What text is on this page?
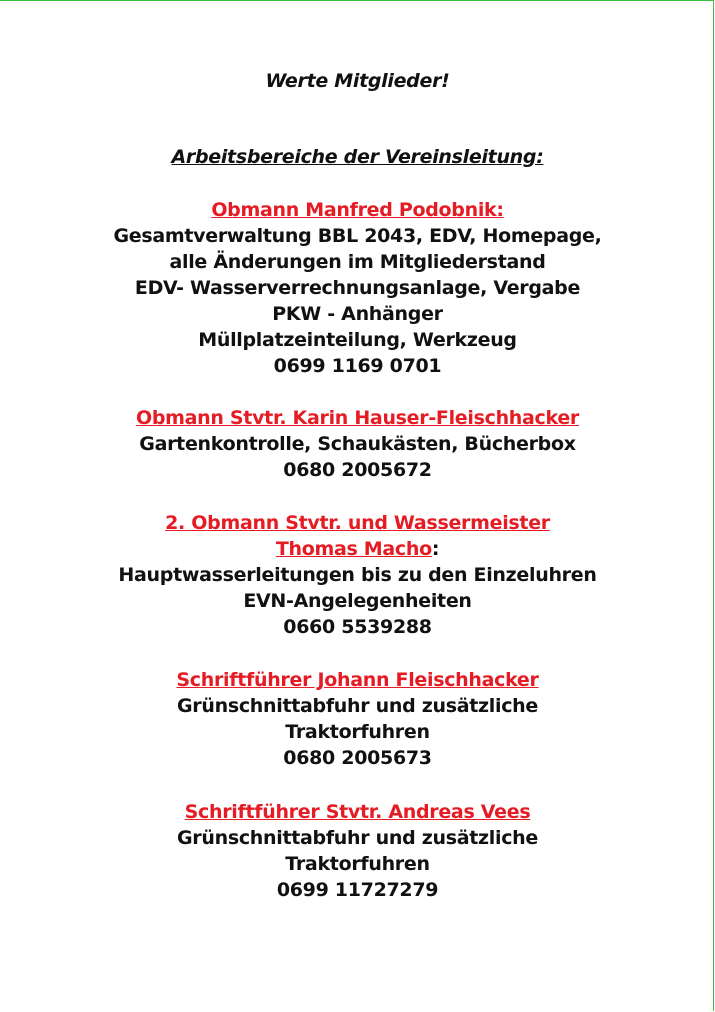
Werte Mitglieder!
Arbeitsbereiche der Vereinsleitung:
Obmann Manfred Podobnik:
Gesamtverwaltung BBL 2043, EDV, Homepage,
alle Änderungen im Mitgliederstand
EDV- Wasserverrechnungsanlage, Vergabe
PKW - Anhänger
Müllplatzeinteilung, Werkzeug
0699 1169 0701
Obmann Stvtr. Karin Hauser-Fleischhacker
Gartenkontrolle, Schaukästen, Bücherbox
0680 2005672
2. Obmann Stvtr. und Wassermeister
Thomas Macho:
Hauptwasserleitungen bis zu den Einzeluhren
EVN-Angelegenheiten
0660 5539288
Schriftführer Johann Fleischhacker
Grünschnittabfuhr und zusätzliche
Traktorfuhren
0680 2005673
Schriftführer Stvtr. Andreas Vees
Grünschnittabfuhr und zusätzliche
Traktorfuhren
0699 11727279
